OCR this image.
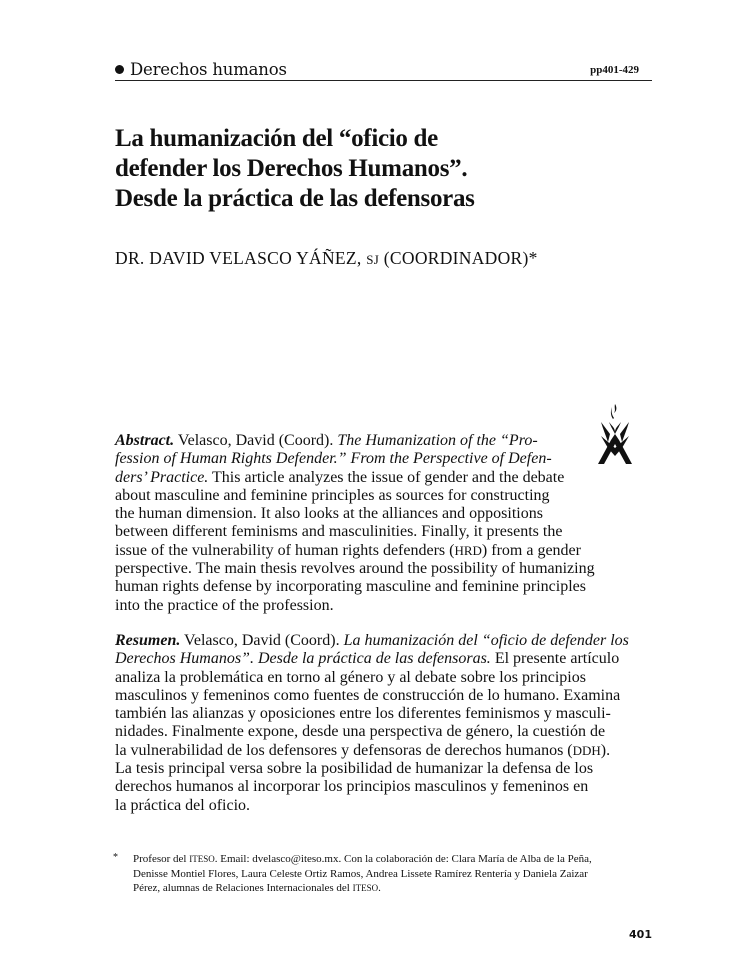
Derechos humanos	pp401-429
La humanización del “oficio de
defender los Derechos Humanos”.
Desde la práctica de las defensoras
DR. DAVID VELASCO YÁÑEZ, SJ (COORDINADOR)*
Abstract. Velasco, David (Coord). The Humanization of the “Pro-
fession of Human Rights Defender.” From the Perspective of Defen-
ders’ Practice. This article analyzes the issue of gender and the debate
about masculine and feminine principles as sources for constructing
the human dimension. It also looks at the alliances and oppositions
between different feminisms and masculinities. Finally, it presents the
issue of the vulnerability of human rights defenders (HRD) from a gender
perspective. The main thesis revolves around the possibility of humanizing
human rights defense by incorporating masculine and feminine principles
into the practice of the profession.
Resumen. Velasco, David (Coord). La humanización del “oficio de defender los
Derechos Humanos”. Desde la práctica de las defensoras. El presente artículo
analiza la problemática en torno al género y al debate sobre los principios
masculinos y femeninos como fuentes de construcción de lo humano. Examina
también las alianzas y oposiciones entre los diferentes feminismos y masculi-
nidades. Finalmente expone, desde una perspectiva de género, la cuestión de
la vulnerabilidad de los defensores y defensoras de derechos humanos (DDH).
La tesis principal versa sobre la posibilidad de humanizar la defensa de los
derechos humanos al incorporar los principios masculinos y femeninos en
la práctica del oficio.
* Profesor del ITESO. Email: dvelasco@iteso.mx. Con la colaboración de: Clara María de Alba de la Peña,
Denisse Montiel Flores, Laura Celeste Ortiz Ramos, Andrea Lissete Ramírez Rentería y Daniela Zaizar
Pérez, alumnas de Relaciones Internacionales del ITESO.
401
